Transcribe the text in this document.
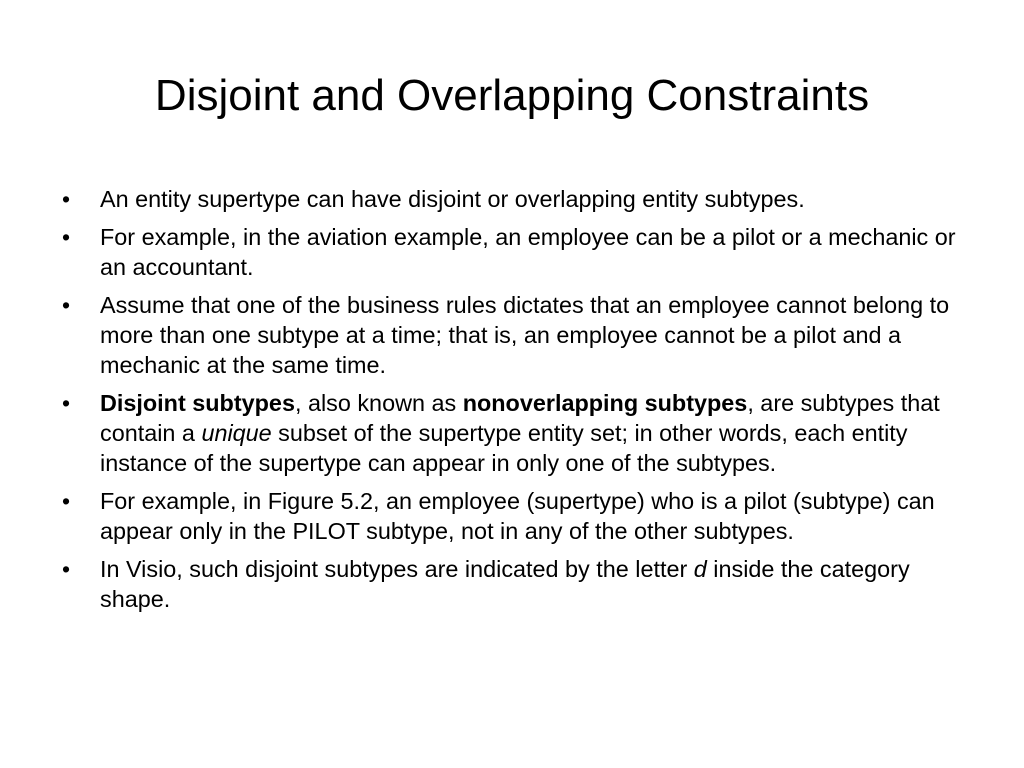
Disjoint and Overlapping Constraints
•	An entity supertype can have disjoint or overlapping entity subtypes.
•	For example, in the aviation example, an employee can be a pilot or a mechanic or an accountant.
•	Assume that one of the business rules dictates that an employee cannot belong to more than one subtype at a time; that is, an employee cannot be a pilot and a mechanic at the same time.
•	Disjoint subtypes, also known as nonoverlapping subtypes, are subtypes that contain a unique subset of the supertype entity set; in other words, each entity instance of the supertype can appear in only one of the subtypes.
•	For example, in Figure 5.2, an employee (supertype) who is a pilot (subtype) can appear only in the PILOT subtype, not in any of the other subtypes.
•	In Visio, such disjoint subtypes are indicated by the letter d inside the category shape.
